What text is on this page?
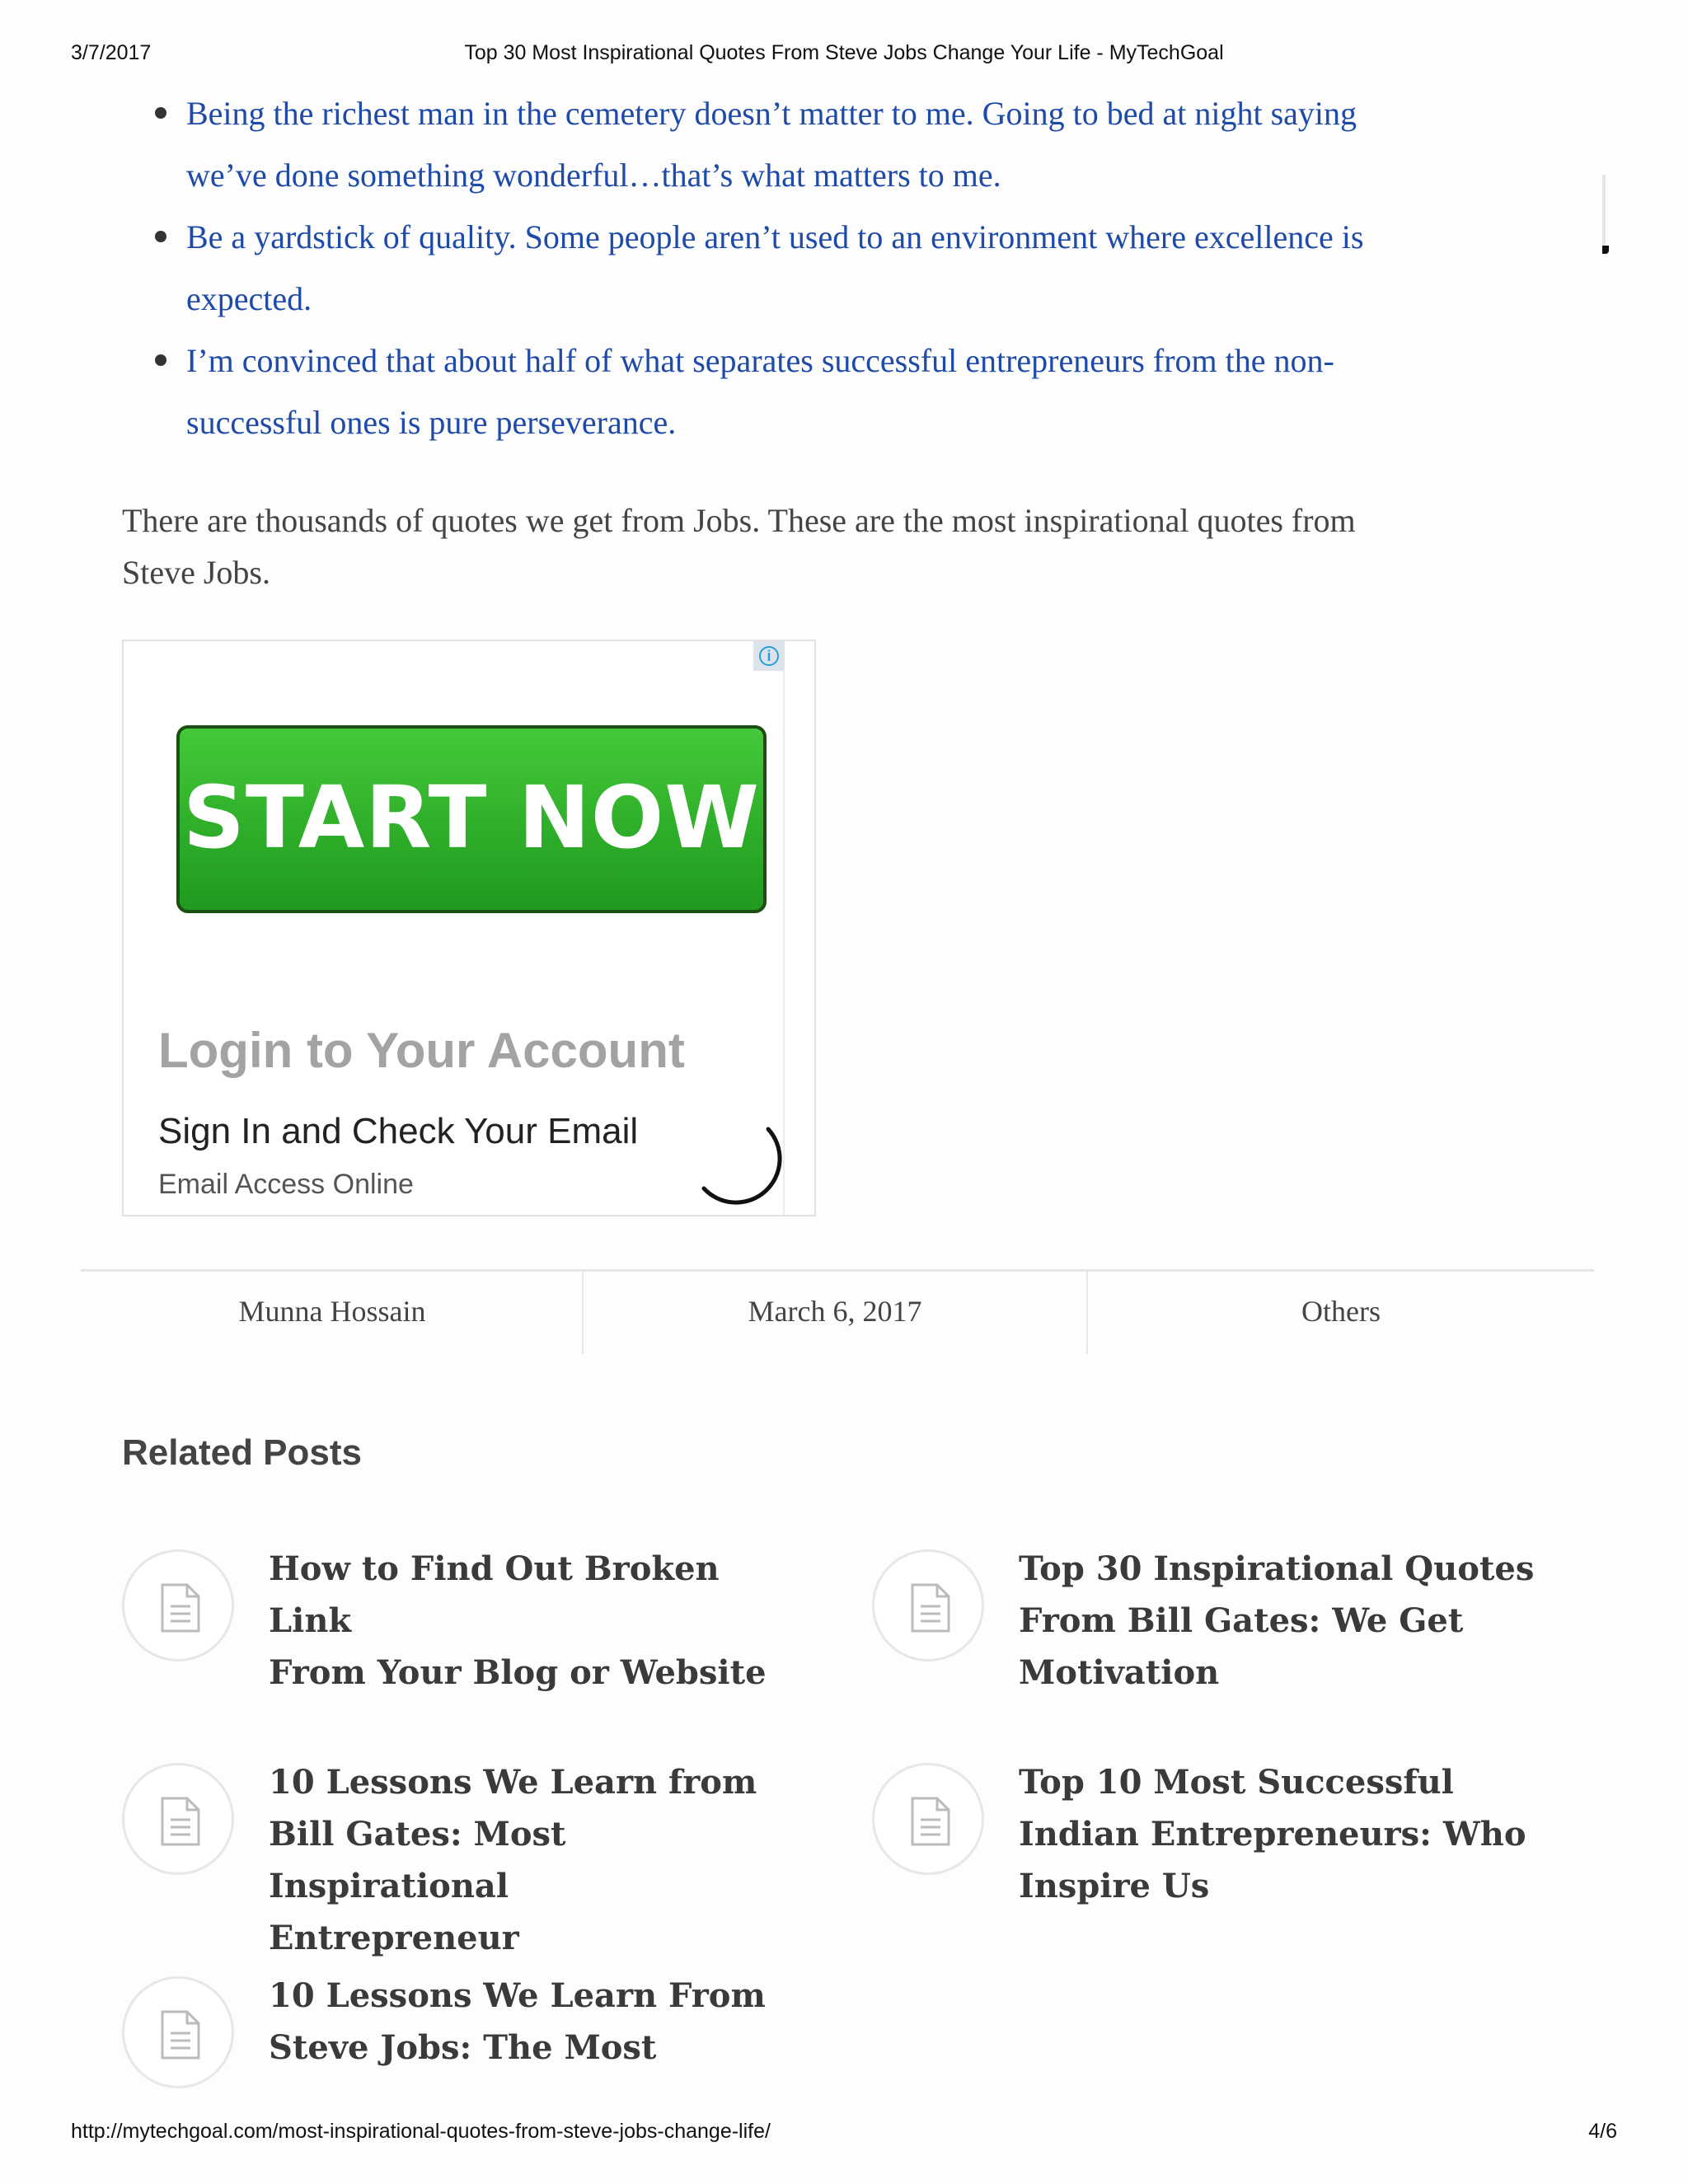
3/7/2017	Top 30 Most Inspirational Quotes From Steve Jobs Change Your Life - MyTechGoal
Being the richest man in the cemetery doesn’t matter to me. Going to bed at night saying
we’ve done something wonderful…that’s what matters to me.
Be a yardstick of quality. Some people aren’t used to an environment where excellence is
expected.
I’m convinced that about half of what separates successful entrepreneurs from the non-
successful ones is pure perseverance.
There are thousands of quotes we get from Jobs. These are the most inspirational quotes from
Steve Jobs.
i
START NOW
Login to Your Account
Sign In and Check Your Email
Email Access Online
Munna Hossain	March 6, 2017	Others
Related Posts
How to Find Out Broken Link
From Your Blog or Website
Top 30 Inspirational Quotes
From Bill Gates: We Get
Motivation
10 Lessons We Learn from
Bill Gates: Most Inspirational
Entrepreneur
Top 10 Most Successful
Indian Entrepreneurs: Who
Inspire Us
10 Lessons We Learn From
Steve Jobs: The Most
http://mytechgoal.com/most-inspirational-quotes-from-steve-jobs-change-life/	4/6
